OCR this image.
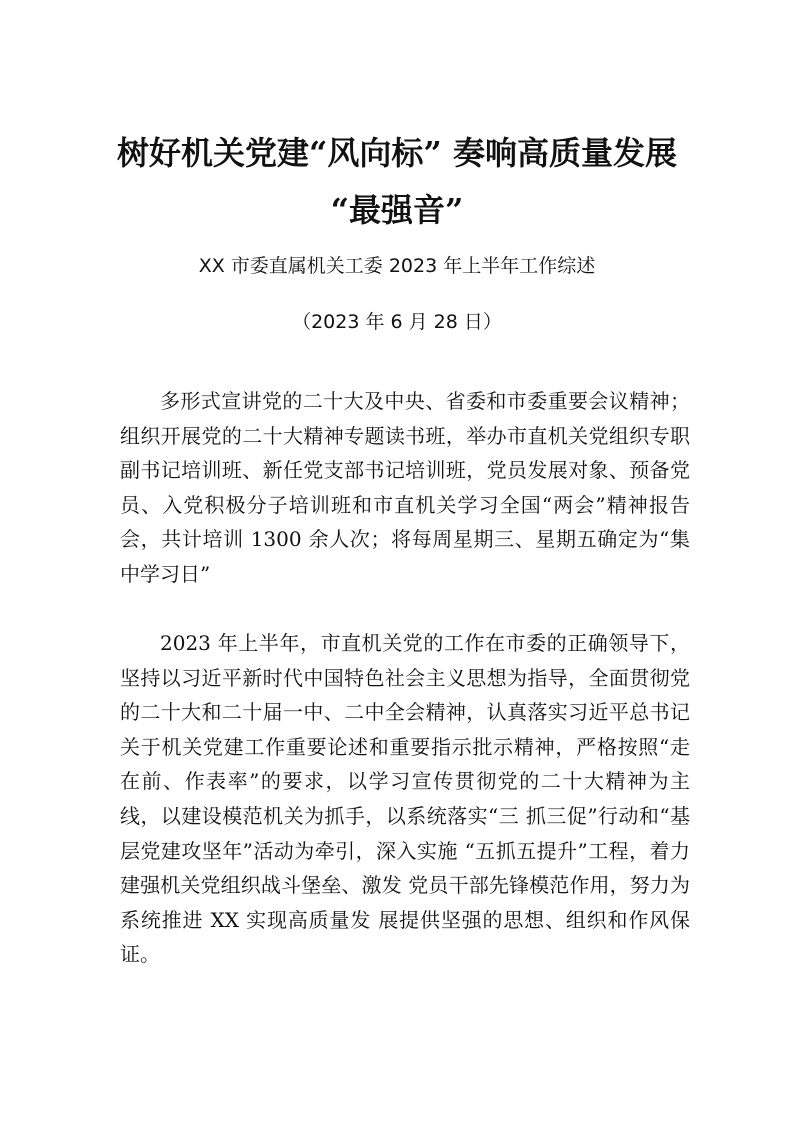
树好机关党建“风向标” 奏响高质量发展
“最强音”

XX 市委直属机关工委 2023 年上半年工作综述

（2023 年 6 月 28 日）

多形式宣讲党的二十大及中央、省委和市委重要会议精神；组织开展党的二十大精神专题读书班，举办市直机关党组织专职副书记培训班、新任党支部书记培训班，党员发展对象、预备党员、入党积极分子培训班和市直机关学习全国“两会”精神报告会，共计培训 1300 余人次；将每周星期三、星期五确定为“集中学习日”

2023 年上半年，市直机关党的工作在市委的正确领导下，坚持以习近平新时代中国特色社会主义思想为指导，全面贯彻党的二十大和二十届一中、二中全会精神，认真落实习近平总书记关于机关党建工作重要论述和重要指示批示精神，严格按照“走在前、作表率”的要求，以学习宣传贯彻党的二十大精神为主线，以建设模范机关为抓手，以系统落实“三 抓三促”行动和“基层党建攻坚年”活动为牵引，深入实施 “五抓五提升”工程，着力建强机关党组织战斗堡垒、激发 党员干部先锋模范作用，努力为系统推进 XX 实现高质量发 展提供坚强的思想、组织和作风保证。
